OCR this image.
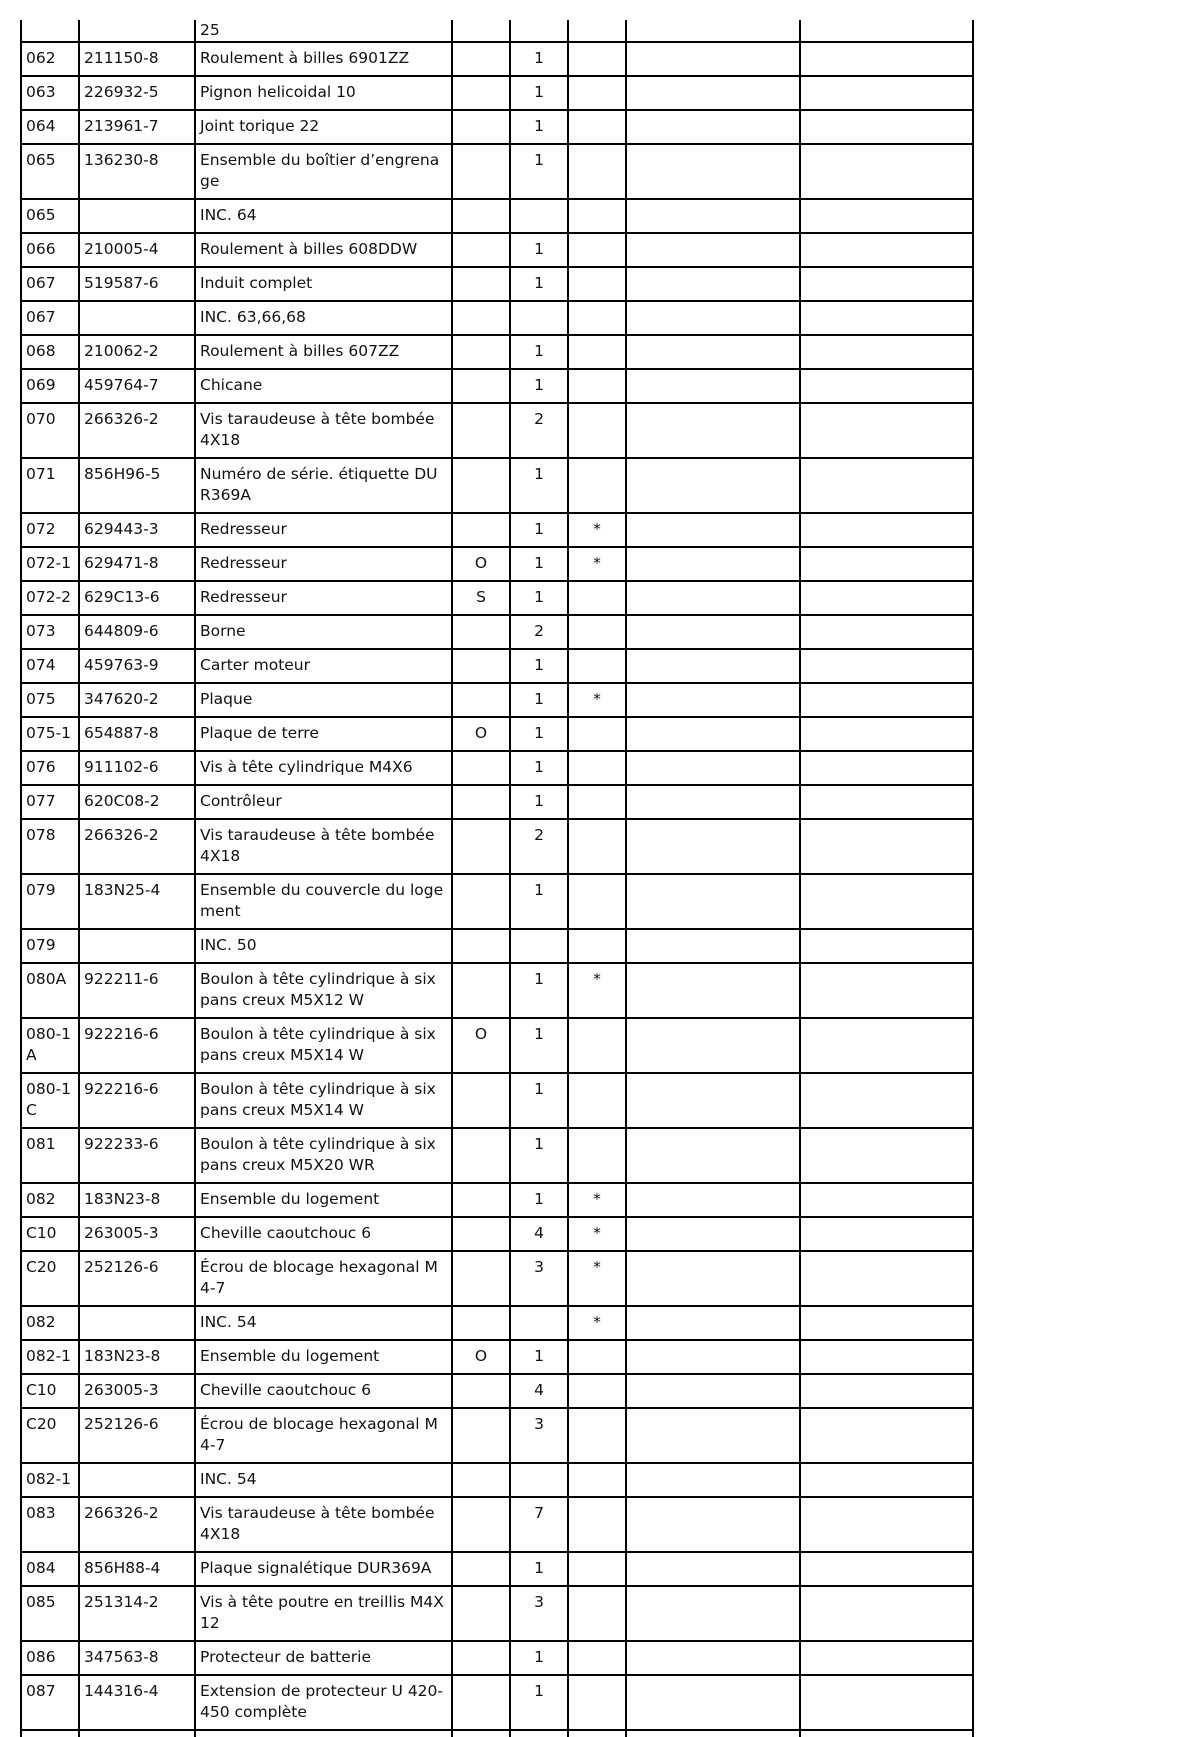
		25					
062	211150-8	Roulement à billes 6901ZZ		1			
063	226932-5	Pignon helicoidal 10		1			
064	213961-7	Joint torique 22		1			
065	136230-8	Ensemble du boîtier d’engrenage		1			
065		INC. 64					
066	210005-4	Roulement à billes 608DDW		1			
067	519587-6	Induit complet		1			
067		INC. 63,66,68					
068	210062-2	Roulement à billes 607ZZ		1			
069	459764-7	Chicane		1			
070	266326-2	Vis taraudeuse à tête bombée 4X18		2			
071	856H96-5	Numéro de série. étiquette DUR369A		1			
072	629443-3	Redresseur		1	*		
072-1	629471-8	Redresseur	O	1	*		
072-2	629C13-6	Redresseur	S	1			
073	644809-6	Borne		2			
074	459763-9	Carter moteur		1			
075	347620-2	Plaque		1	*		
075-1	654887-8	Plaque de terre	O	1			
076	911102-6	Vis à tête cylindrique M4X6		1			
077	620C08-2	Contrôleur		1			
078	266326-2	Vis taraudeuse à tête bombée 4X18		2			
079	183N25-4	Ensemble du couvercle du logement		1			
079		INC. 50					
080A	922211-6	Boulon à tête cylindrique à six pans creux M5X12 W		1	*		
080-1A	922216-6	Boulon à tête cylindrique à six pans creux M5X14 W	O	1			
080-1C	922216-6	Boulon à tête cylindrique à six pans creux M5X14 W		1			
081	922233-6	Boulon à tête cylindrique à six pans creux M5X20 WR		1			
082	183N23-8	Ensemble du logement		1	*		
C10	263005-3	Cheville caoutchouc 6		4	*		
C20	252126-6	Écrou de blocage hexagonal M4-7		3	*		
082		INC. 54			*		
082-1	183N23-8	Ensemble du logement	O	1			
C10	263005-3	Cheville caoutchouc 6		4			
C20	252126-6	Écrou de blocage hexagonal M4-7		3			
082-1		INC. 54					
083	266326-2	Vis taraudeuse à tête bombée 4X18		7			
084	856H88-4	Plaque signalétique DUR369A		1			
085	251314-2	Vis à tête poutre en treillis M4X12		3			
086	347563-8	Protecteur de batterie		1			
087	144316-4	Extension de protecteur U 420-450 complète		1			
